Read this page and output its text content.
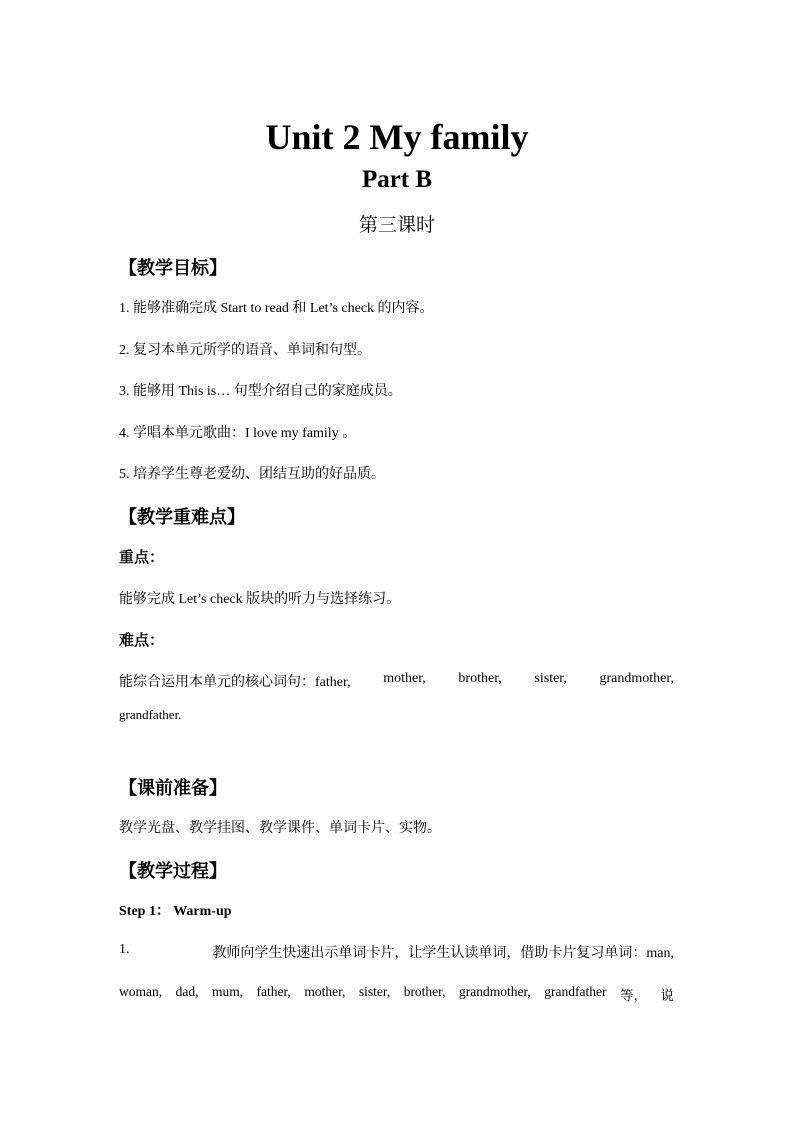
Unit 2 My family
Part B
第三课时
【教学目标】
1. 能够准确完成 Start to read 和 Let’s check 的内容。
2. 复习本单元所学的语音、单词和句型。
3. 能够用 This is… 句型介绍自己的家庭成员。
4. 学唱本单元歌曲：I love my family 。
5. 培养学生尊老爱幼、团结互助的好品质。
【教学重难点】
重点：
能够完成 Let’s check 版块的听力与选择练习。
难点：
能综合运用本单元的核心词句：father, mother, brother, sister, grandmother,
grandfather.
【课前准备】
教学光盘、教学挂图、教学课件、单词卡片、实物。
【教学过程】
Step 1： Warm-up
1.	教师向学生快速出示单词卡片，让学生认读单词，借助卡片复习单词：man,
woman, dad, mum, father, mother, sister, brother, grandmother, grandfather 等， 说
